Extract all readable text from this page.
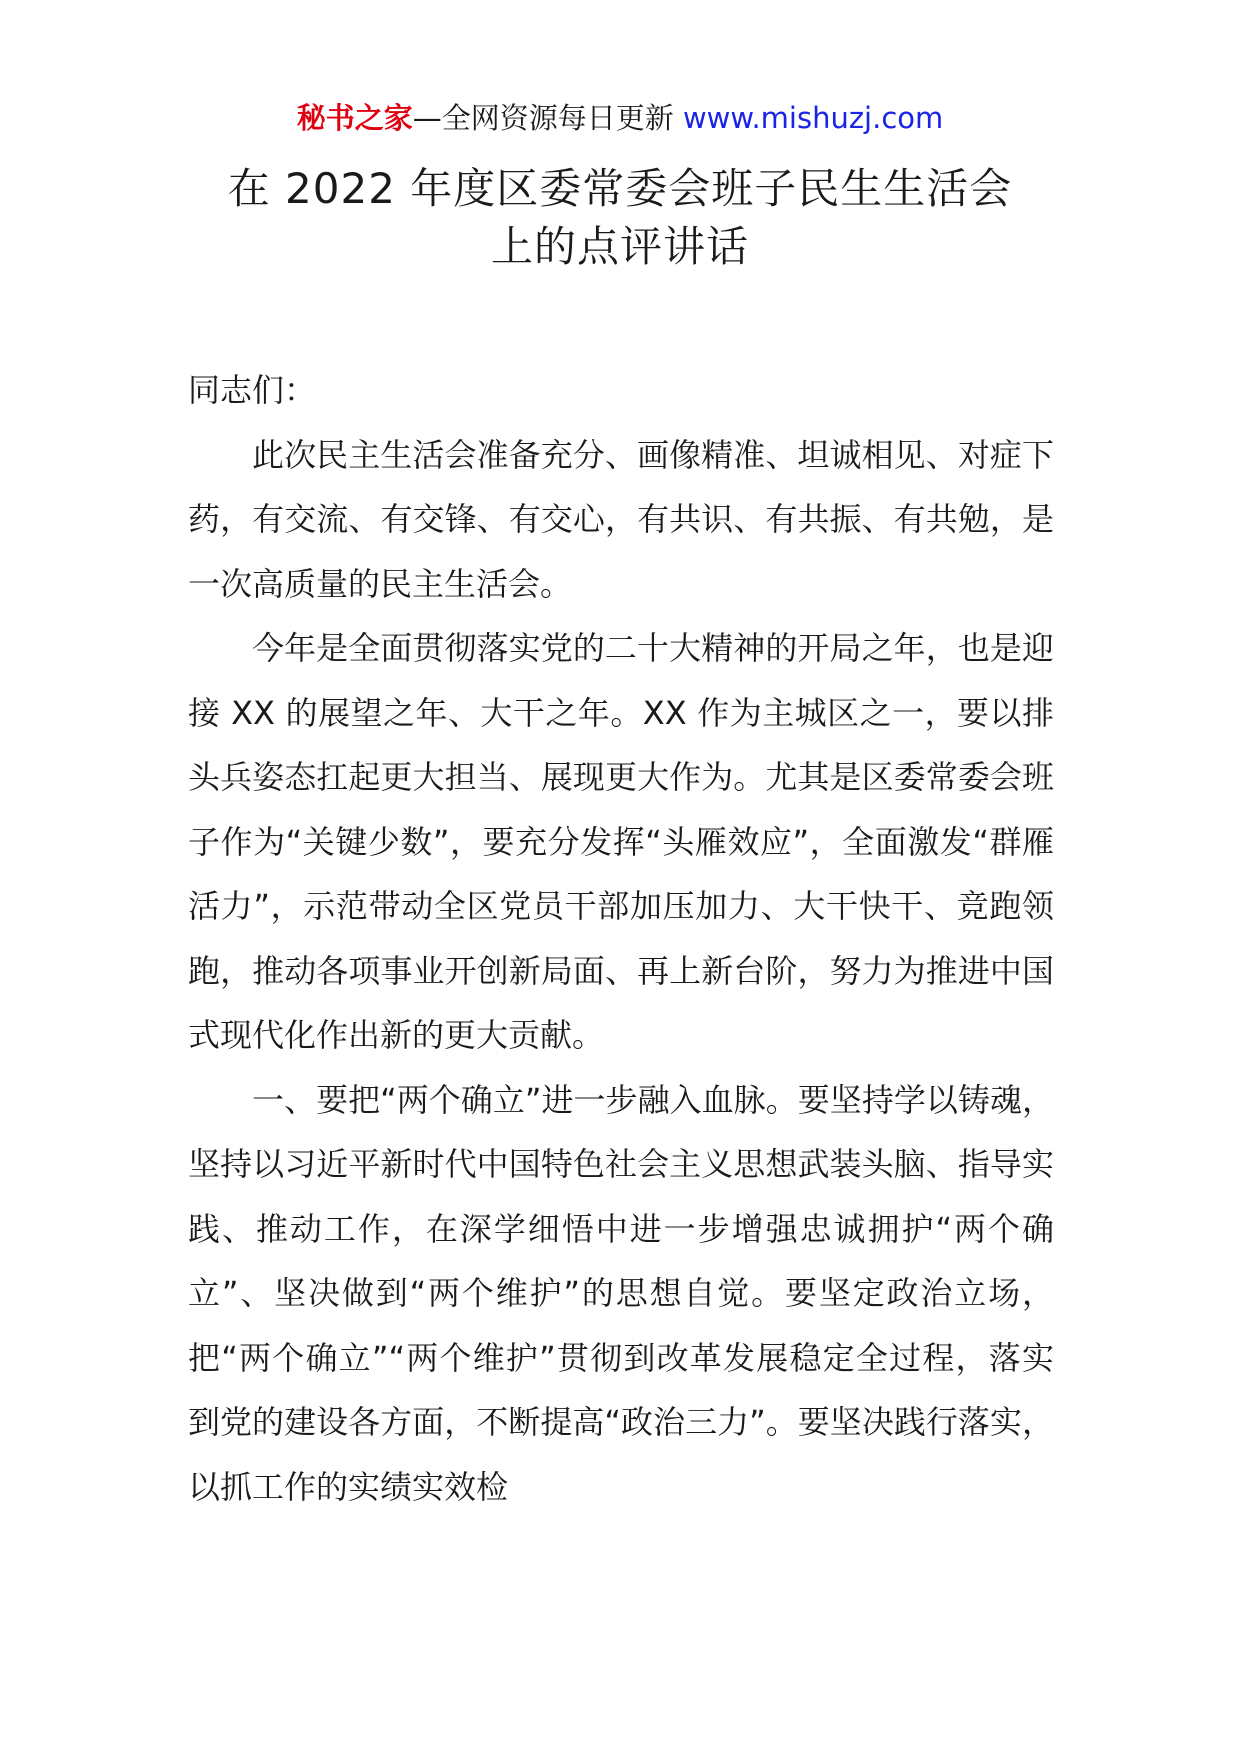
秘书之家—全网资源每日更新 www.mishuzj.com
在 2022 年度区委常委会班子民生生活会
上的点评讲话

同志们：

此次民主生活会准备充分、画像精准、坦诚相见、对症下药，有交流、有交锋、有交心，有共识、有共振、有共勉，是一次高质量的民主生活会。

今年是全面贯彻落实党的二十大精神的开局之年，也是迎接 XX 的展望之年、大干之年。XX 作为主城区之一，要以排头兵姿态扛起更大担当、展现更大作为。尤其是区委常委会班子作为“关键少数”，要充分发挥“头雁效应”，全面激发“群雁活力”，示范带动全区党员干部加压加力、大干快干、竞跑领跑，推动各项事业开创新局面、再上新台阶，努力为推进中国式现代化作出新的更大贡献。

一、要把“两个确立”进一步融入血脉。要坚持学以铸魂，坚持以习近平新时代中国特色社会主义思想武装头脑、指导实践、推动工作，在深学细悟中进一步增强忠诚拥护“两个确立”、坚决做到“两个维护”的思想自觉。要坚定政治立场，把“两个确立”“两个维护”贯彻到改革发展稳定全过程，落实到党的建设各方面，不断提高“政治三力”。要坚决践行落实，以抓工作的实绩实效检
